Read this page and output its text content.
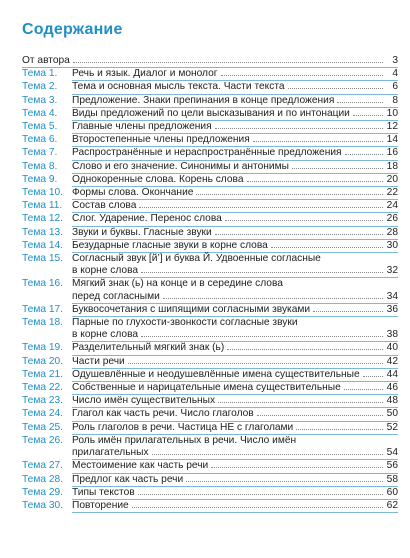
Содержание
От автора	3
Тема 1.	Речь и язык. Диалог и монолог	4
Тема 2.	Тема и основная мысль текста. Части текста	6
Тема 3.	Предложение. Знаки препинания в конце предложения	8
Тема 4.	Виды предложений по цели высказывания и по интонации	10
Тема 5.	Главные члены предложения	12
Тема 6.	Второстепенные члены предложения	14
Тема 7.	Распространённые и нераспространённые предложения	16
Тема 8.	Слово и его значение. Синонимы и антонимы	18
Тема 9.	Однокоренные слова. Корень слова	20
Тема 10. Формы слова. Окончание	22
Тема 11. Состав слова	24
Тема 12. Слог. Ударение. Перенос слова	26
Тема 13. Звуки и буквы. Гласные звуки	28
Тема 14. Безударные гласные звуки в корне слова	30
Тема 15. Согласный звук [й’] и буква Й. Удвоенные согласные
в корне слова	32
Тема 16. Мягкий знак (ь) на конце и в середине слова
перед согласными	34
Тема 17. Буквосочетания с шипящими согласными звуками	36
Тема 18. Парные по глухости-звонкости согласные звуки
в корне слова	38
Тема 19. Разделительный мягкий знак (ь)	40
Тема 20. Части речи	42
Тема 21. Одушевлённые и неодушевлённые имена существительные	44
Тема 22. Собственные и нарицательные имена существительные	46
Тема 23. Число имён существительных	48
Тема 24. Глагол как часть речи. Число глаголов	50
Тема 25. Роль глаголов в речи. Частица НЕ с глаголами	52
Тема 26. Роль имён прилагательных в речи. Число имён
прилагательных	54
Тема 27. Местоимение как часть речи	56
Тема 28. Предлог как часть речи	58
Тема 29. Типы текстов	60
Тема 30. Повторение	62
